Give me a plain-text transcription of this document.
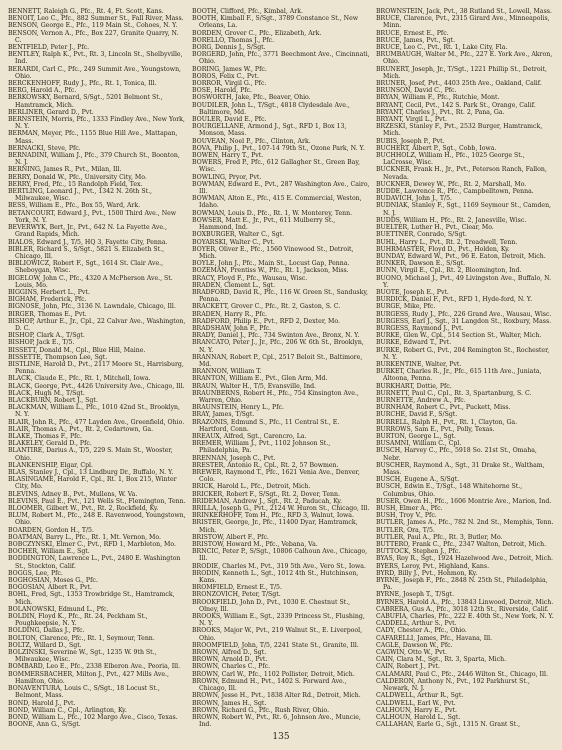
BENNETT, Raleigh G., Pfc., Rt. 4, Ft. Scott, Kans.
BENOIT, Leo C., Pfc., 882 Summer St., Fall River, Mass.
BENSON, George E., Pfc., 119 Main St., Cohoes, N. Y.
BENSON, Vernon A., Pfc., Box 227, Granite Quarry, N. C.
BENTFIELD, Peter J., Pfc.
BENTLEY, Ralph K., Pvt., Rt. 3, Lincoln St., Shelbyville, Ind.
BERARDI, Carl C., Pfc., 249 Summit Ave., Youngstown, Ohio.
BERCKENHOFF, Rudy J., Pfc., Rt. 1, Tonica, Ill.
BERG, Harold A., Pfc.
BERKOWSKY, Bernard, S/Sgt., 5201 Belmont St., Hamtramck, Mich.
BERLINER, Gerard D., Pvt.
BERNSTEIN, Morris, Pfc., 1333 Findley Ave., New York, N. Y.
BERMAN, Meyer, Pfc., 1155 Blue Hill Ave., Mattapan, Mass.
BERNACKI, Steve, Pfc.
BERNADINI, William J., Pfc., 379 Church St., Boonton, N. J.
BERNING, James R., Pvt., Milan, Ill.
BERRY, Donald W., Pfc., University City, Mo.
BERRY, Fred, Pfc., 15 Randolph Field, Tex.
BERTLING, Leonard J., Pvt., 1342 N. 26th St., Milwaukee, Wisc.
BESS, William E., Pfc., Box 55, Ward, Ark.
BETANCOURT, Edward J., Pvt., 1500 Third Ave., New York, N. Y.
BEVERWYK, Bert, Jr., Pvt., 642 N. La Fayette Ave., Grand Rapids, Mich.
BIALOS, Edward J., T/5, HQ 3, Fayette City, Penna.
BIBLER, Richard S., S/Sgt., 5821 S. Elizabeth St., Chicago, Ill.
BIBLIOWICZ, Robert F., Sgt., 1614 St. Clair Ave., Sheboygan, Wisc.
BIGELOW, John C., Pfc., 4320 A McPherson Ave., St. Louis, Mo.
BIGGINS, Herbert L., Pvt.
BIGHAM, Frederick, Pfc.
BIGNOSE, John, Pfc., 3136 N. Lawndale, Chicago, Ill.
BIRGER, Thomas E., Pvt.
BISHOP, Arthur E., Jr., Cpl., 22 Calvar Ave., Washington, D. C.
BISHOP, Clark A., T/Sgt.
BISHOP, Jack E., T/5.
BISSETT, Donald M., Cpl., Blue Hill, Maine.
BISSETTE, Thompson Lee, Sgt.
BISTLINE, Harold D., Pvt., 2117 Moore St., Harrisburg, Penna.
BLACK, Claude E., Pfc., Rt. 1, Mitchell, Iowa.
BLACK, George, Pvt., 4426 University Ave., Chicago, Ill.
BLACK, Hugh M., T/Sgt.
BLACKBURN, Robert J., Sgt.
BLACKMAN, William L., Pfc., 1010 42nd St., Brooklyn, N. Y.
BLAIR, John R., Pfc., 477 Laydon Ave., Greenfield, Ohio.
BLAIR, Thomas A., Pvt., Rt. 2, Cedartown, Ga.
BLAKE, Thomas F., Pfc.
BLAKELEY, Gerald D., Pfc.
BLANTIRE, Darius A., T/5, 229 S. Main St., Wooster, Ohio.
BLANKENSHIP, Elgar, Cpl.
BLAS, Stanley J., Cpl., 13 Lindburg Dr., Buffalo, N. Y.
BLASINGAME, Harold F., Cpl., Rt. 1, Box 215, Winter City, Mo.
BLEVINS, Adney B., Pvt., Mullens, W. Va.
BLEVINS, Paul E., Pvt., 121 Wells St., Flemington, Tenn.
BLOOMER, Gilbert W., Pvt., Rt. 2, Rockfield, Ky.
BLUM, Robert M., Pfc., 248 E. Ravenwood, Youngstown, Ohio.
BOARDEN, Gordon H., T/5.
BOATMAN, Barry L., Pfc., Rt. 1, Mt. Vernon, Mo.
BOBCZYNSKI, Elmer C., Pvt., RFD 1, Marbleton, Mo.
BOCHER, William E., Sgt.
BODDINGTON, Lawrence L., Pvt., 2480 E. Washington St., Stockton, Calif.
BOGGS, Lee, Pfc.
BOGHOSIAN, Moses G., Pfc.
BOGOSIAN, Albert R., Pvt.
BOHL, Fred, Sgt., 1353 Trowbridge St., Hamtramck, Mich.
BOLANOWSKI, Edmund L., Pfc.
BOLDIN, Floyd K., Pfc., Rt. 24, Peckham St., Poughkeepsie, N. Y.
BOLDING, Dallas J., Pfc.
BOLTON, Clarence, Pfc., Rt. 1, Seymour, Tenn.
BOLTZ, Willard D., Sgt.
BOLZINSKI, Severine W., Sgt., 1235 W. 9th St., Milwaukee, Wisc.
BOMBARD, Leo E., Pfc., 2338 Elberon Ave., Peoria, Ill.
BOMMERSBACHER, Milton J., Pvt., 427 Mills Ave., Hamilton, Ohio.
BONAVENTURA, Louis C., S/Sgt., 18 Locust St., Belmont, Mass.
BOND, Harold J., Pvt.
BOND, William C., Cpl., Arlington, Ky.
BOND, William L., Pfc., 102 Margo Ave., Cisco, Texas.
BOONE, Ann G., S/Sgt.
BOOTH, Clifford, Pfc., Kimbal, Ark.
BOOTH, Kimball F., S/Sgt., 3789 Constance St., New Orleans, La.
BORDEN, Grover C., Pfc., Elizabeth, Ark.
BORELLO, Thomas J., Pfc.
BORG, Dennis J., S/Sgt.
BORGERD, John, Pfc., 3771 Beechmont Ave., Cincinnati, Ohio.
BORING, James W., Pfc.
BOROS, Felix C., Pvt.
BORROR, Virgil G., Pfc.
BOSE, Harold, Pfc.
BOSWORTH, Jake, Pfc., Beaver, Ohio.
BOUDILER, John L., T/Sgt., 4818 Clydesdale Ave., Baltimore, Md.
BOULER, David E., Pfc.
BOURGELLANE, Armond J., Sgt., RFD 1, Box 13, Monson, Mass.
BOUVEAN, Noel P., Pfc., Clinton, Ark.
BOVA, Philip J., Pvt., 107-14 79th St., Ozone Park, N. Y.
BOWEN, Harry T., Pvt.
BOWERS, Fred P., Pfc., 612 Gallagher St., Green Bay, Wisc.
BOWLING, Pryor, Pvt.
BOWMAN, Edward E., Pvt., 287 Washington Ave., Cairo, Ill.
BOWMAN, Alton E., Pfc., 415 E. Commercial, Weston, Idaho.
BOWMAN, Louis D., Pfc., Rt. 1, W. Monterey, Tenn.
BOWSER, Matt E., Jr., Pvt., 611 Mulberry St., Hammond, Ind.
BOXBURGER, Walter C., Sgt.
BOYARSKI, Walter C., Pvt.
BOYER, Oliver E., Pfc., 1560 Vinewood St., Detroit, Mich.
BOYLE, John J., Pfc., Main St., Locust Gap, Penna.
BOZEMAN, Prentiss W., Pfc., Rt. 1, Jackson, Miss.
BRACY, Floyd F., Pfc., Wausau, Wisc.
BRADEN, Clement L., Sgt.
BRADFORD, David R., Pfc., 116 W. Green St., Sandusky, Penna.
BRACKETT, Grover C., Pfc., Rt. 2, Gaston, S. C.
BRADEN, Harry R., Pfc.
BRADFORD, Philip E., Pvt., RFD 2, Dexter, Mo.
BRADSHAW, John F., Pfc.
BRADY, Daniel J., Pfc., 734 Swinton Ave., Bronx, N. Y.
BRANCATO, Peter J., Jr., Pfc., 206 W. 6th St., Brooklyn, N. Y.
BRANNAN, Robert P., Cpl., 2517 Beloit St., Baltimore, Md.
BRANNON, William T.
BRANTON, William E., Pvt., Glen Arm, Md.
BRAUN, Walter H., T/5, Evansville, Ind.
BRAUNBERNS, Robert H., Pfc., 754 Kinsington Ave., Warren, Ohio.
BRAUNSTEIN, Henry L., Pfc.
BRAY, James, T/Sgt.
BRAZONIS, Edmund S., Pfc., 11 Central St., E. Hartford, Conn.
BREAUX, Alfred, Sgt., Carencro, La.
BREMER, William J., Pvt., 1102 Johnson St., Philadelphia, Pa.
BRENNAN, Joseph C., Pvt.
BRESTER, Antonio R., Cpl., Rt. 2, 57 Bowmen.
BREWER, Raymond T., Pfc., 1621 Venia Ave., Denver, Colo.
BRICK, Harold L., Pfc., Detroit, Mich.
BRICKER, Robert F., S/Sgt., Rt. 2, Dover, Tenn.
BRIDEMAN, Andrew J., Sgt., Rt. 2, Paducah, Ky.
BRILLA, Joseph G., Pvt., 2124 W. Huron St., Chicago, Ill.
BRINKERHOFF, Tom H., Pfc., RFD 3, Walnut, Iowa.
BRISTER, George, Jr., Pfc., 11400 Dyar, Hamtramck, Mich.
BRISTOW, Albert F., Pfc.
BRISTOW, Howard M., Pfc., Vebana, Va.
BRNCIC, Peter P., S/Sgt., 10806 Calhoun Ave., Chicago, Ill.
BRODIE, Charles M., Pvt., 319 5th Ave., Vero St., Iowa.
BRODIN, Kenneth L., Sgt., 1012 4th St., Hutchinson, Kans.
BROMFIELD, Ernest E., T/5.
BRONZOVICH, Peter, T/Sgt.
BROOKFIELD, John D., Pvt., 1030 E. Chestnut St., Olney, Ill.
BROOKS, William E., Sgt., 2339 Princess St., Flushing, N. Y.
BROOKS, Major W., Pvt., 219 Walnut St., E. Liverpool, Ohio.
BROOMFIELD, John, T/5, 2241 State St., Granite, Ill.
BROWN, Alfred D., Sgt.
BROWN, Arnold D., Pvt.
BROWN, Charles C., Pfc.
BROWN, Carl W., Pfc., 1102 Pollister, Detroit, Mich.
BROWN, Edmund H., Pvt., 1402 S. Forward Ave., Chicago, Ill.
BROWN, Jesse H., Pvt., 1838 Alter Rd., Detroit, Mich.
BROWN, James H., Sgt.
BROWN, Richard G., Pfc., Rush River, Ohio.
BROWN, Robert W., Pvt., Rt. 6, Johnson Ave., Muncie, Ind.
BROWNSTEIN, Jack, Pvt., 38 Rutland St., Lowell, Mass.
BRUCE, Clarence, Pvt., 2315 Girard Ave., Minneapolis, Minn.
BRUCE, Ernest E., Pfc.
BRUCE, James, Pvt., Sgt.
BRUCE, Leo C., Pvt., Rt. 1, Lake City, Fla.
BRUMBAUGH, Walter M., Pfc., 227 E. York Ave., Akron, Ohio.
BRUNERT, Joseph, Jr., T/Sgt., 1221 Phillip St., Detroit, Mich.
BRUNER, Josef, Pvt., 4403 25th Ave., Oakland, Calif.
BRUNSON, David C., Pfc.
BRYAN, William F., Pfc., Rutchie, Mont.
BRYANT, Cecil, Pvt., 142 S. Park St., Orange, Calif.
BRYANT, Charles J., Pvt., Rt. 2, Pana, Ga.
BRYANT, Virgil L., Pvt.
BRZESKI, Stanley F., Pvt., 2532 Burger, Hamtramck, Mich.
BUBIS, Joseph P., Pvt.
BUCHERT, Albert P., Sgt., Cobb, Iowa.
BUCHHOLZ, William H., Pfc., 1025 George St., LaCrosse, Wisc.
BUCKNER, Frank H., Jr., Pvt., Peterson Ranch, Fallon, Nevada.
BUCKNER, Dewey W., Pfc., Rt. 2, Marshall, Mo.
BUDDE, Lawrence R., Pfc., Campbelltown, Penna.
BUDAVICH, John J., T/5.
BUDNIAK, Stanley F., Sgt., 1169 Seymour St., Camden, N. J.
BUDDS, William H., Pfc., Rt. 2, Janesville, Wisc.
BUELTER, Luther H., Pvt., Clear, Mo.
BUETTNER, Conrado, S/Sgt.
BUHL, Harry L., Pvt., Rt. 2, Treadwell, Tenn.
BUHRMASTER, Floyd D., Pvt., Holden, Ky.
BUNDAY, Edward W., Pvt., 96 E. Eaton, Detroit, Mich.
BUNKER, Dawson E., S/Sgt.
BUNN, Virgil E., Cpl., Rt. 2, Bloomington, Ind.
BUONO, Michael J., Pvt., 49 Livingston Ave., Buffalo, N. Y.
BUOTE, Joseph E., Pvt.
BURDICK, Daniel F., Pvt., RFD 1, Hyde-ford, N. Y.
BURGE, Mike, Pfc.
BURGESS, Rudy J., Pfc., 226 Grand Ave., Wausau, Wisc.
BURGESS, Earl J., Sgt., 31 Langdon St., Roxbury, Mass.
BURGESS, Raymond J., Pvt.
BURKE, Glen W., Cpl., 514 Section St., Walter, Mich.
BURKE, Edward T., Pvt.
BURKE, Robert G., Pvt., 204 Remington St., Rochester, N. Y.
BURKENTINE, Walter, Pvt.
BURKET, Charles R., Jr., Pfc., 615 11th Ave., Juniata, Altoona, Penna.
BURKHART, Dottie, Pfc.
BURNETT, Paul C., Cpl., Rt. 3, Spartanburg, S. C.
BURNETTE, Andrew A., Pfc.
BURNHAM, Robert C., Pvt., Puckett, Miss.
BURCHE, David F., S/Sgt.
BURRELL, Ralph H., Pvt., Rt. 1, Clayton, Ga.
BURROWS, Sam E., Pvt., Polly, Texas.
BURTON, George L., Sgt.
BUSAMNI, William C., Cpl.
BUSCH, Harvey C., Pfc., 5918 So. 21st St., Omaha, Nebr.
BUSCHER, Raymond A., Sgt., 31 Drake St., Waltham, Mass.
BUSCH, Eugene A., S/Sgt.
BUSCH, Edwin E., T/Sgt., 148 Whitehorne St., Columbus, Ohio.
BUSER, Owen H., Pfc., 1606 Montrie Ave., Marion, Ind.
BUSH, Elmer A., Pfc.
BUSH, Troy V., Pfc.
BUTLER, James A., Pfc., 782 N. 2nd St., Memphis, Tenn.
BUTLER, Ora, T/5.
BUTLER, Paul A., Pfc., Rt. 3, Butler, Mo.
BUTTERO, Frank C., Pfc., 2347 Walton, Detroit, Mich.
BUTTOCK, Stephen J., Pfc.
BYAS, Roy R., Sgt., 1924 Hazelwood Ave., Detroit, Mich.
BYERS, Leroy, Pvt., Highland, Kans.
BYRD, Billy J., Pvt., Hohmon, Ky.
BYRNE, Joseph F., Pfc., 2848 N. 25th St., Philadelphia, Pa.
BYRNE, Joseph T., T/Sgt.
BYRNES, Harold A., Pfc., 13843 Linwood, Detroit, Mich.
CABRERA, Gus A., Pfc., 3018 12th St., Riverside, Calif.
CABUFIA, Charles, Pfc., 222 E. 40th St., New York, N. Y.
CADDELL, Arthur S., Pvt.
CADY, Chester A., Pfc., Ohio.
CAFARELLI, James, Pfc., Havana, Ill.
CAGLE, Dawson W., Pfc.
CAGWIN, Otto W., Pvt.
CAIN, Clara M., Sgt., Rt. 3, Sparta, Mich.
CAIN, Robert J., Pvt.
CALAMARI, Paul C., Pfc., 2446 Wilton St., Chicago, Ill.
CALDERON, Anthony N., Pvt., 192 Parkhurst St., Newark, N. J.
CALDWELL, Arthur R., Sgt.
CALDWELL, Earl W., Pvt.
CALHOUN, Harry E., Pvt.
CALHOUN, Harold L., Sgt.
CALLAHAN, Earle G., Sgt., 1315 N. Grant St.,
135
